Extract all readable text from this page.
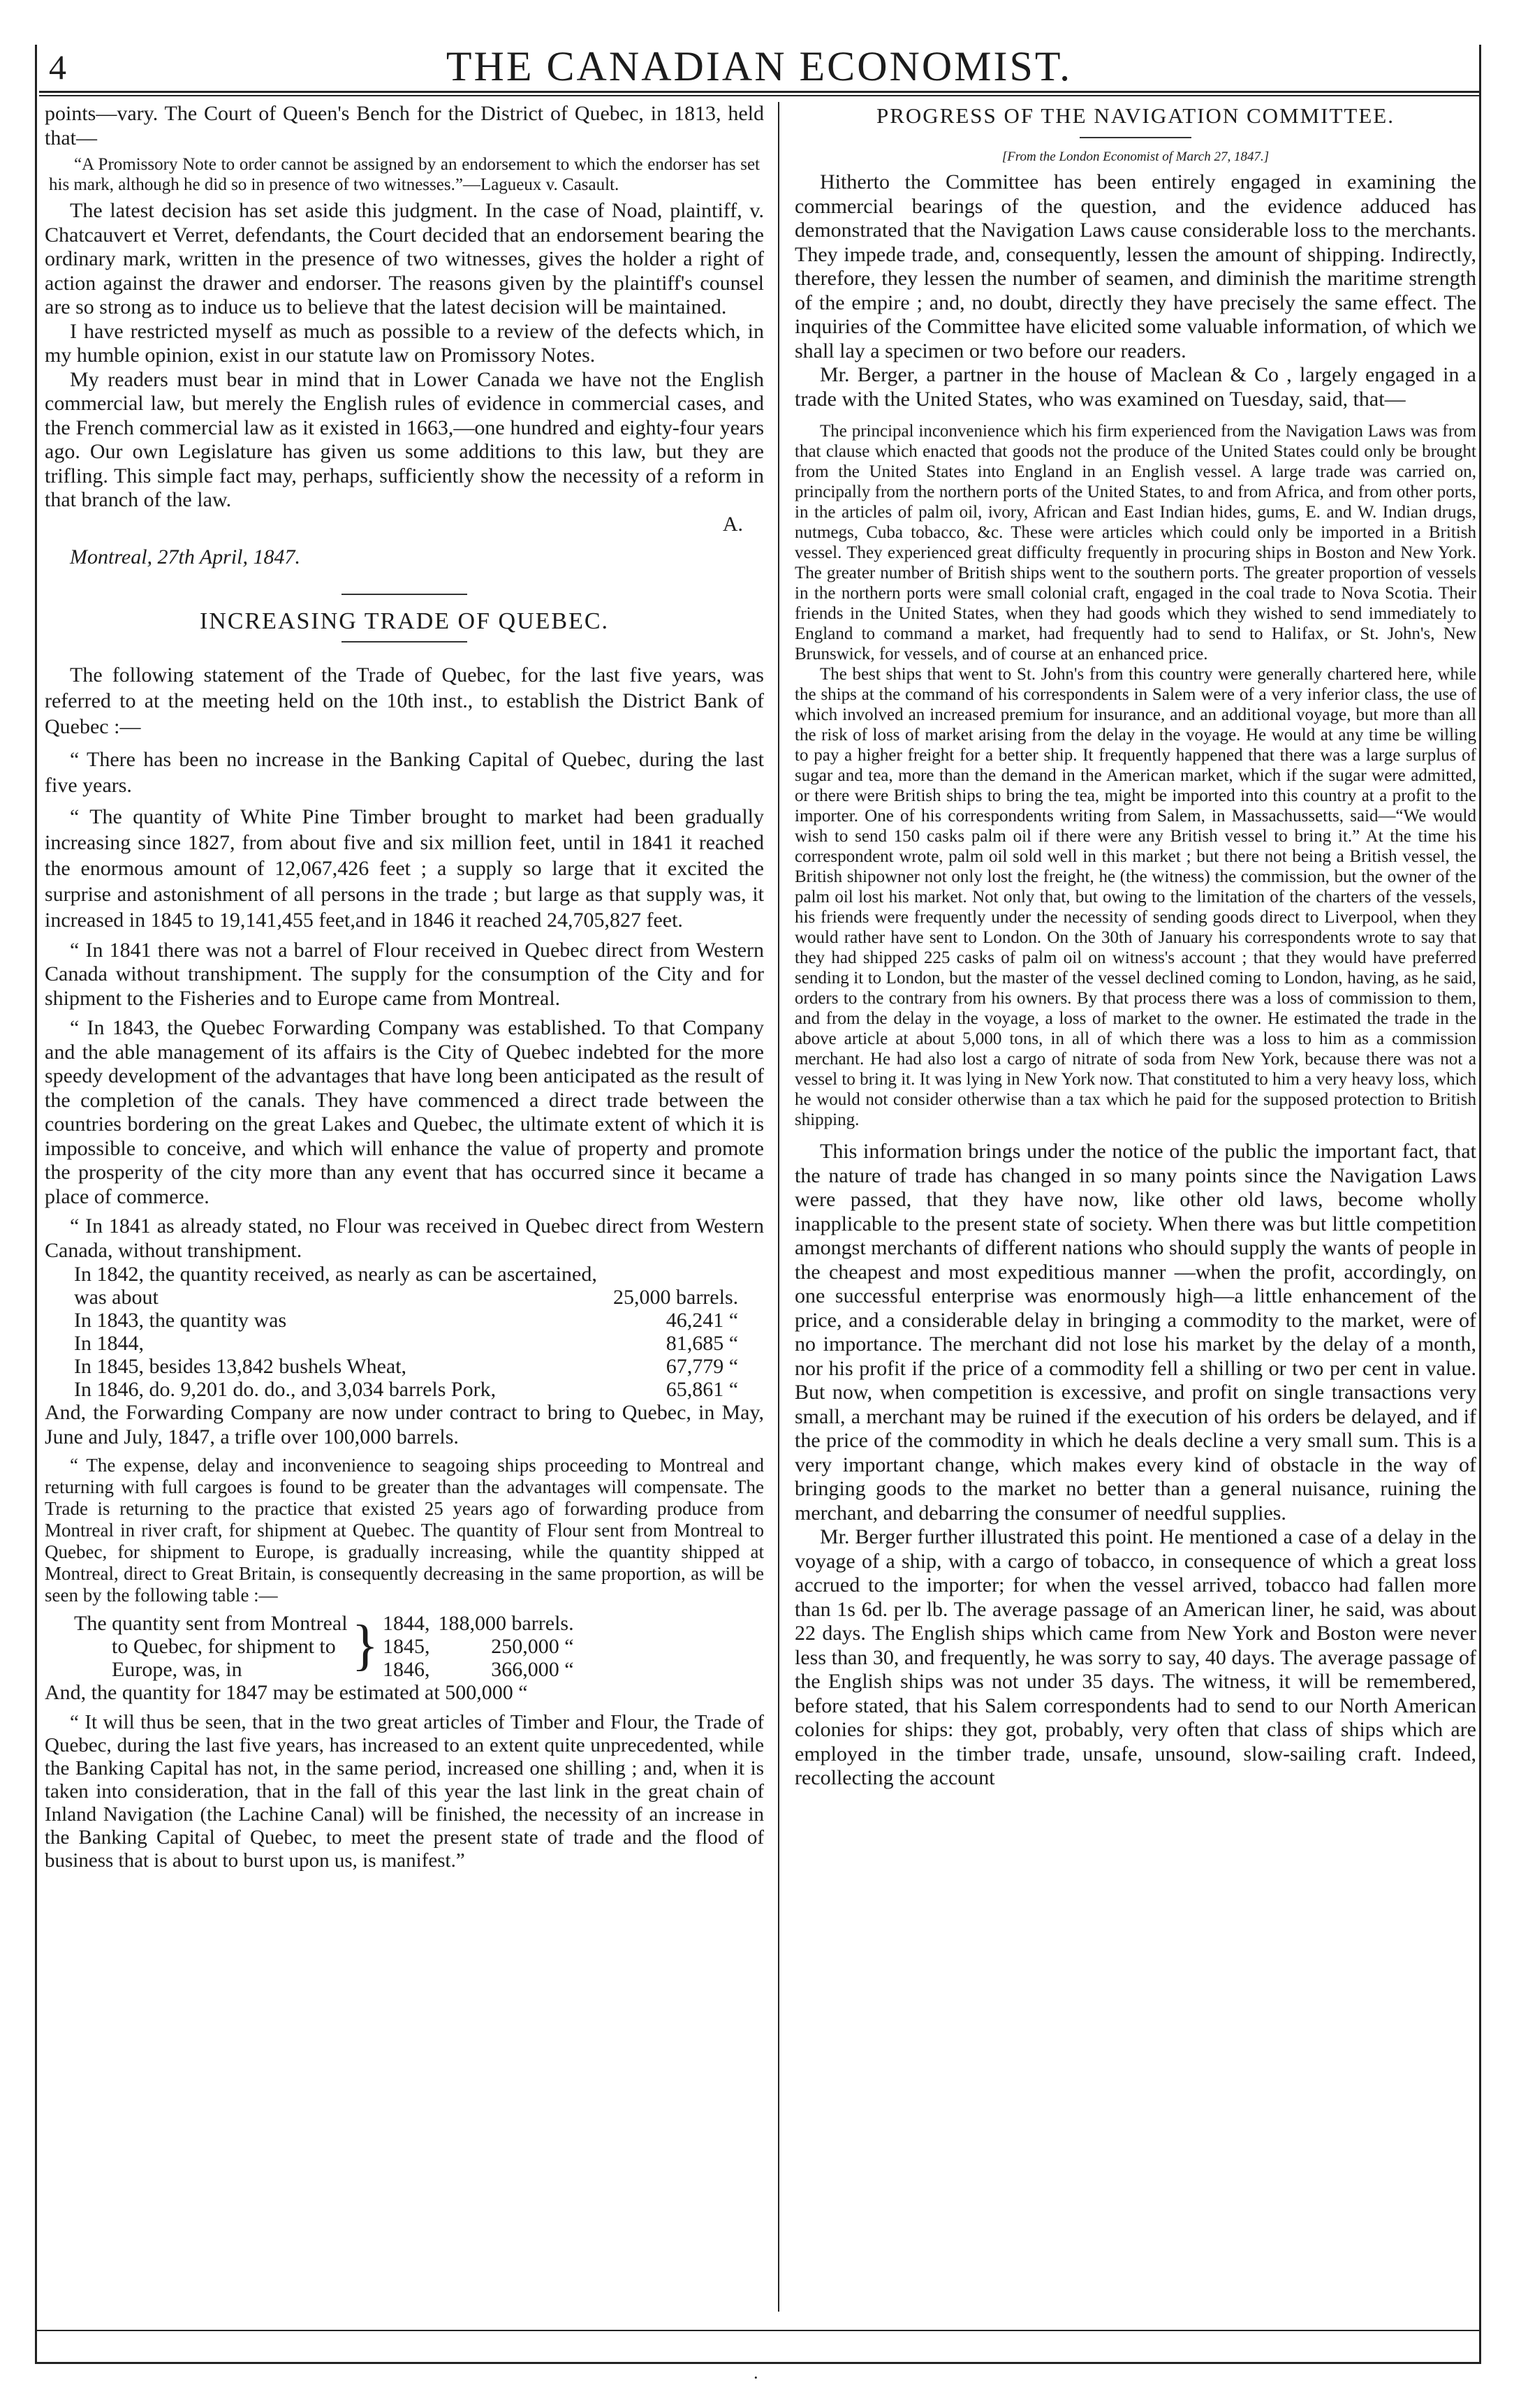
4	THE CANADIAN ECONOMIST.

points—vary. The Court of Queen's Bench for the District of Quebec, in 1813, held that—

“A Promissory Note to order cannot be assigned by an endorsement to which the endorser has set his mark, although he did so in presence of two witnesses.”—Lagueux v. Casault.

The latest decision has set aside this judgment. In the case of Noad, plaintiff, v. Chatcauvert et Verret, defendants, the Court decided that an endorsement bearing the ordinary mark, written in the presence of two witnesses, gives the holder a right of action against the drawer and endorser. The reasons given by the plaintiff's counsel are so strong as to induce us to believe that the latest decision will be maintained.

I have restricted myself as much as possible to a review of the defects which, in my humble opinion, exist in our statute law on Promissory Notes.

My readers must bear in mind that in Lower Canada we have not the English commercial law, but merely the English rules of evidence in commercial cases, and the French commercial law as it existed in 1663,—one hundred and eighty-four years ago. Our own Legislature has given us some additions to this law, but they are trifling. This simple fact may, perhaps, sufficiently show the necessity of a reform in that branch of the law.

A.
Montreal, 27th April, 1847.
INCREASING TRADE OF QUEBEC.

The following statement of the Trade of Quebec, for the last five years, was referred to at the meeting held on the 10th inst., to establish the District Bank of Quebec :—

“ There has been no increase in the Banking Capital of Quebec, during the last five years.

“ The quantity of White Pine Timber brought to market had been gradually increasing since 1827, from about five and six million feet, until in 1841 it reached the enormous amount of 12,067,426 feet ; a supply so large that it excited the surprise and astonishment of all persons in the trade ; but large as that supply was, it increased in 1845 to 19,141,455 feet,and in 1846 it reached 24,705,827 feet.

“ In 1841 there was not a barrel of Flour received in Quebec direct from Western Canada without transhipment. The supply for the consumption of the City and for shipment to the Fisheries and to Europe came from Montreal.

“ In 1843, the Quebec Forwarding Company was established. To that Company and the able management of its affairs is the City of Quebec indebted for the more speedy development of the advantages that have long been anticipated as the result of the completion of the canals. They have commenced a direct trade between the countries bordering on the great Lakes and Quebec, the ultimate extent of which it is impossible to conceive, and which will enhance the value of property and promote the prosperity of the city more than any event that has occurred since it became a place of commerce.

“ In 1841 as already stated, no Flour was received in Quebec direct from Western Canada, without transhipment.

In 1842, the quantity received, as nearly as can be ascertained, was about	25,000 barrels.
In 1843, the quantity was	46,241 “
In 1844,	81,685 “
In 1845, besides 13,842 bushels Wheat,	67,779 “
In 1846, do. 9,201 do. do., and 3,034 barrels Pork,	65,861 “

And, the Forwarding Company are now under contract to bring to Quebec, in May, June and July, 1847, a trifle over 100,000 barrels.

“ The expense, delay and inconvenience to seagoing ships proceeding to Montreal and returning with full cargoes is found to be greater than the advantages will compensate. The Trade is returning to the practice that existed 25 years ago of forwarding produce from Montreal in river craft, for shipment at Quebec. The quantity of Flour sent from Montreal to Quebec, for shipment to Europe, is gradually increasing, while the quantity shipped at Montreal, direct to Great Britain, is consequently decreasing in the same proportion, as will be seen by the following table :—

The quantity sent from Montreal	}	1844,	188,000 barrels.
to Quebec, for shipment to		1845,	250,000 “
Europe, was, in		1846,	366,000 “

And, the quantity for 1847 may be estimated at 500,000 “

“ It will thus be seen, that in the two great articles of Timber and Flour, the Trade of Quebec, during the last five years, has increased to an extent quite unprecedented, while the Banking Capital has not, in the same period, increased one shilling ; and, when it is taken into consideration, that in the fall of this year the last link in the great chain of Inland Navigation (the Lachine Canal) will be finished, the necessity of an increase in the Banking Capital of Quebec, to meet the present state of trade and the flood of business that is about to burst upon us, is manifest.”

PROGRESS OF THE NAVIGATION COMMITTEE.
[From the London Economist of March 27, 1847.]

Hitherto the Committee has been entirely engaged in examining the commercial bearings of the question, and the evidence adduced has demonstrated that the Navigation Laws cause considerable loss to the merchants. They impede trade, and, consequently, lessen the amount of shipping. Indirectly, therefore, they lessen the number of seamen, and diminish the maritime strength of the empire ; and, no doubt, directly they have precisely the same effect. The inquiries of the Committee have elicited some valuable information, of which we shall lay a specimen or two before our readers.

Mr. Berger, a partner in the house of Maclean & Co , largely engaged in a trade with the United States, who was examined on Tuesday, said, that—

The principal inconvenience which his firm experienced from the Navigation Laws was from that clause which enacted that goods not the produce of the United States could only be brought from the United States into England in an English vessel. A large trade was carried on, principally from the northern ports of the United States, to and from Africa, and from other ports, in the articles of palm oil, ivory, African and East Indian hides, gums, E. and W. Indian drugs, nutmegs, Cuba tobacco, &c. These were articles which could only be imported in a British vessel. They experienced great difficulty frequently in procuring ships in Boston and New York. The greater number of British ships went to the southern ports. The greater proportion of vessels in the northern ports were small colonial craft, engaged in the coal trade to Nova Scotia. Their friends in the United States, when they had goods which they wished to send immediately to England to command a market, had frequently had to send to Halifax, or St. John's, New Brunswick, for vessels, and of course at an enhanced price.

The best ships that went to St. John's from this country were generally chartered here, while the ships at the command of his correspondents in Salem were of a very inferior class, the use of which involved an increased premium for insurance, and an additional voyage, but more than all the risk of loss of market arising from the delay in the voyage. He would at any time be willing to pay a higher freight for a better ship. It frequently happened that there was a large surplus of sugar and tea, more than the demand in the American market, which if the sugar were admitted, or there were British ships to bring the tea, might be imported into this country at a profit to the importer. One of his correspondents writing from Salem, in Massachussetts, said—“We would wish to send 150 casks palm oil if there were any British vessel to bring it.” At the time his correspondent wrote, palm oil sold well in this market ; but there not being a British vessel, the British shipowner not only lost the freight, he (the witness) the commission, but the owner of the palm oil lost his market. Not only that, but owing to the limitation of the charters of the vessels, his friends were frequently under the necessity of sending goods direct to Liverpool, when they would rather have sent to London. On the 30th of January his correspondents wrote to say that they had shipped 225 casks of palm oil on witness's account ; that they would have preferred sending it to London, but the master of the vessel declined coming to London, having, as he said, orders to the contrary from his owners. By that process there was a loss of commission to them, and from the delay in the voyage, a loss of market to the owner. He estimated the trade in the above article at about 5,000 tons, in all of which there was a loss to him as a commission merchant. He had also lost a cargo of nitrate of soda from New York, because there was not a vessel to bring it. It was lying in New York now. That constituted to him a very heavy loss, which he would not consider otherwise than a tax which he paid for the supposed protection to British shipping.

This information brings under the notice of the public the important fact, that the nature of trade has changed in so many points since the Navigation Laws were passed, that they have now, like other old laws, become wholly inapplicable to the present state of society. When there was but little competition amongst merchants of different nations who should supply the wants of people in the cheapest and most expeditious manner —when the profit, accordingly, on one successful enterprise was enormously high—a little enhancement of the price, and a considerable delay in bringing a commodity to the market, were of no importance. The merchant did not lose his market by the delay of a month, nor his profit if the price of a commodity fell a shilling or two per cent in value. But now, when competition is excessive, and profit on single transactions very small, a merchant may be ruined if the execution of his orders be delayed, and if the price of the commodity in which he deals decline a very small sum. This is a very important change, which makes every kind of obstacle in the way of bringing goods to the market no better than a general nuisance, ruining the merchant, and debarring the consumer of needful supplies.

Mr. Berger further illustrated this point. He mentioned a case of a delay in the voyage of a ship, with a cargo of tobacco, in consequence of which a great loss accrued to the importer; for when the vessel arrived, tobacco had fallen more than 1s 6d. per lb. The average passage of an American liner, he said, was about 22 days. The English ships which came from New York and Boston were never less than 30, and frequently, he was sorry to say, 40 days. The average passage of the English ships was not under 35 days. The witness, it will be remembered, before stated, that his Salem correspondents had to send to our North American colonies for ships: they got, probably, very often that class of ships which are employed in the timber trade, unsafe, unsound, slow-sailing craft. Indeed, recollecting the account

·
